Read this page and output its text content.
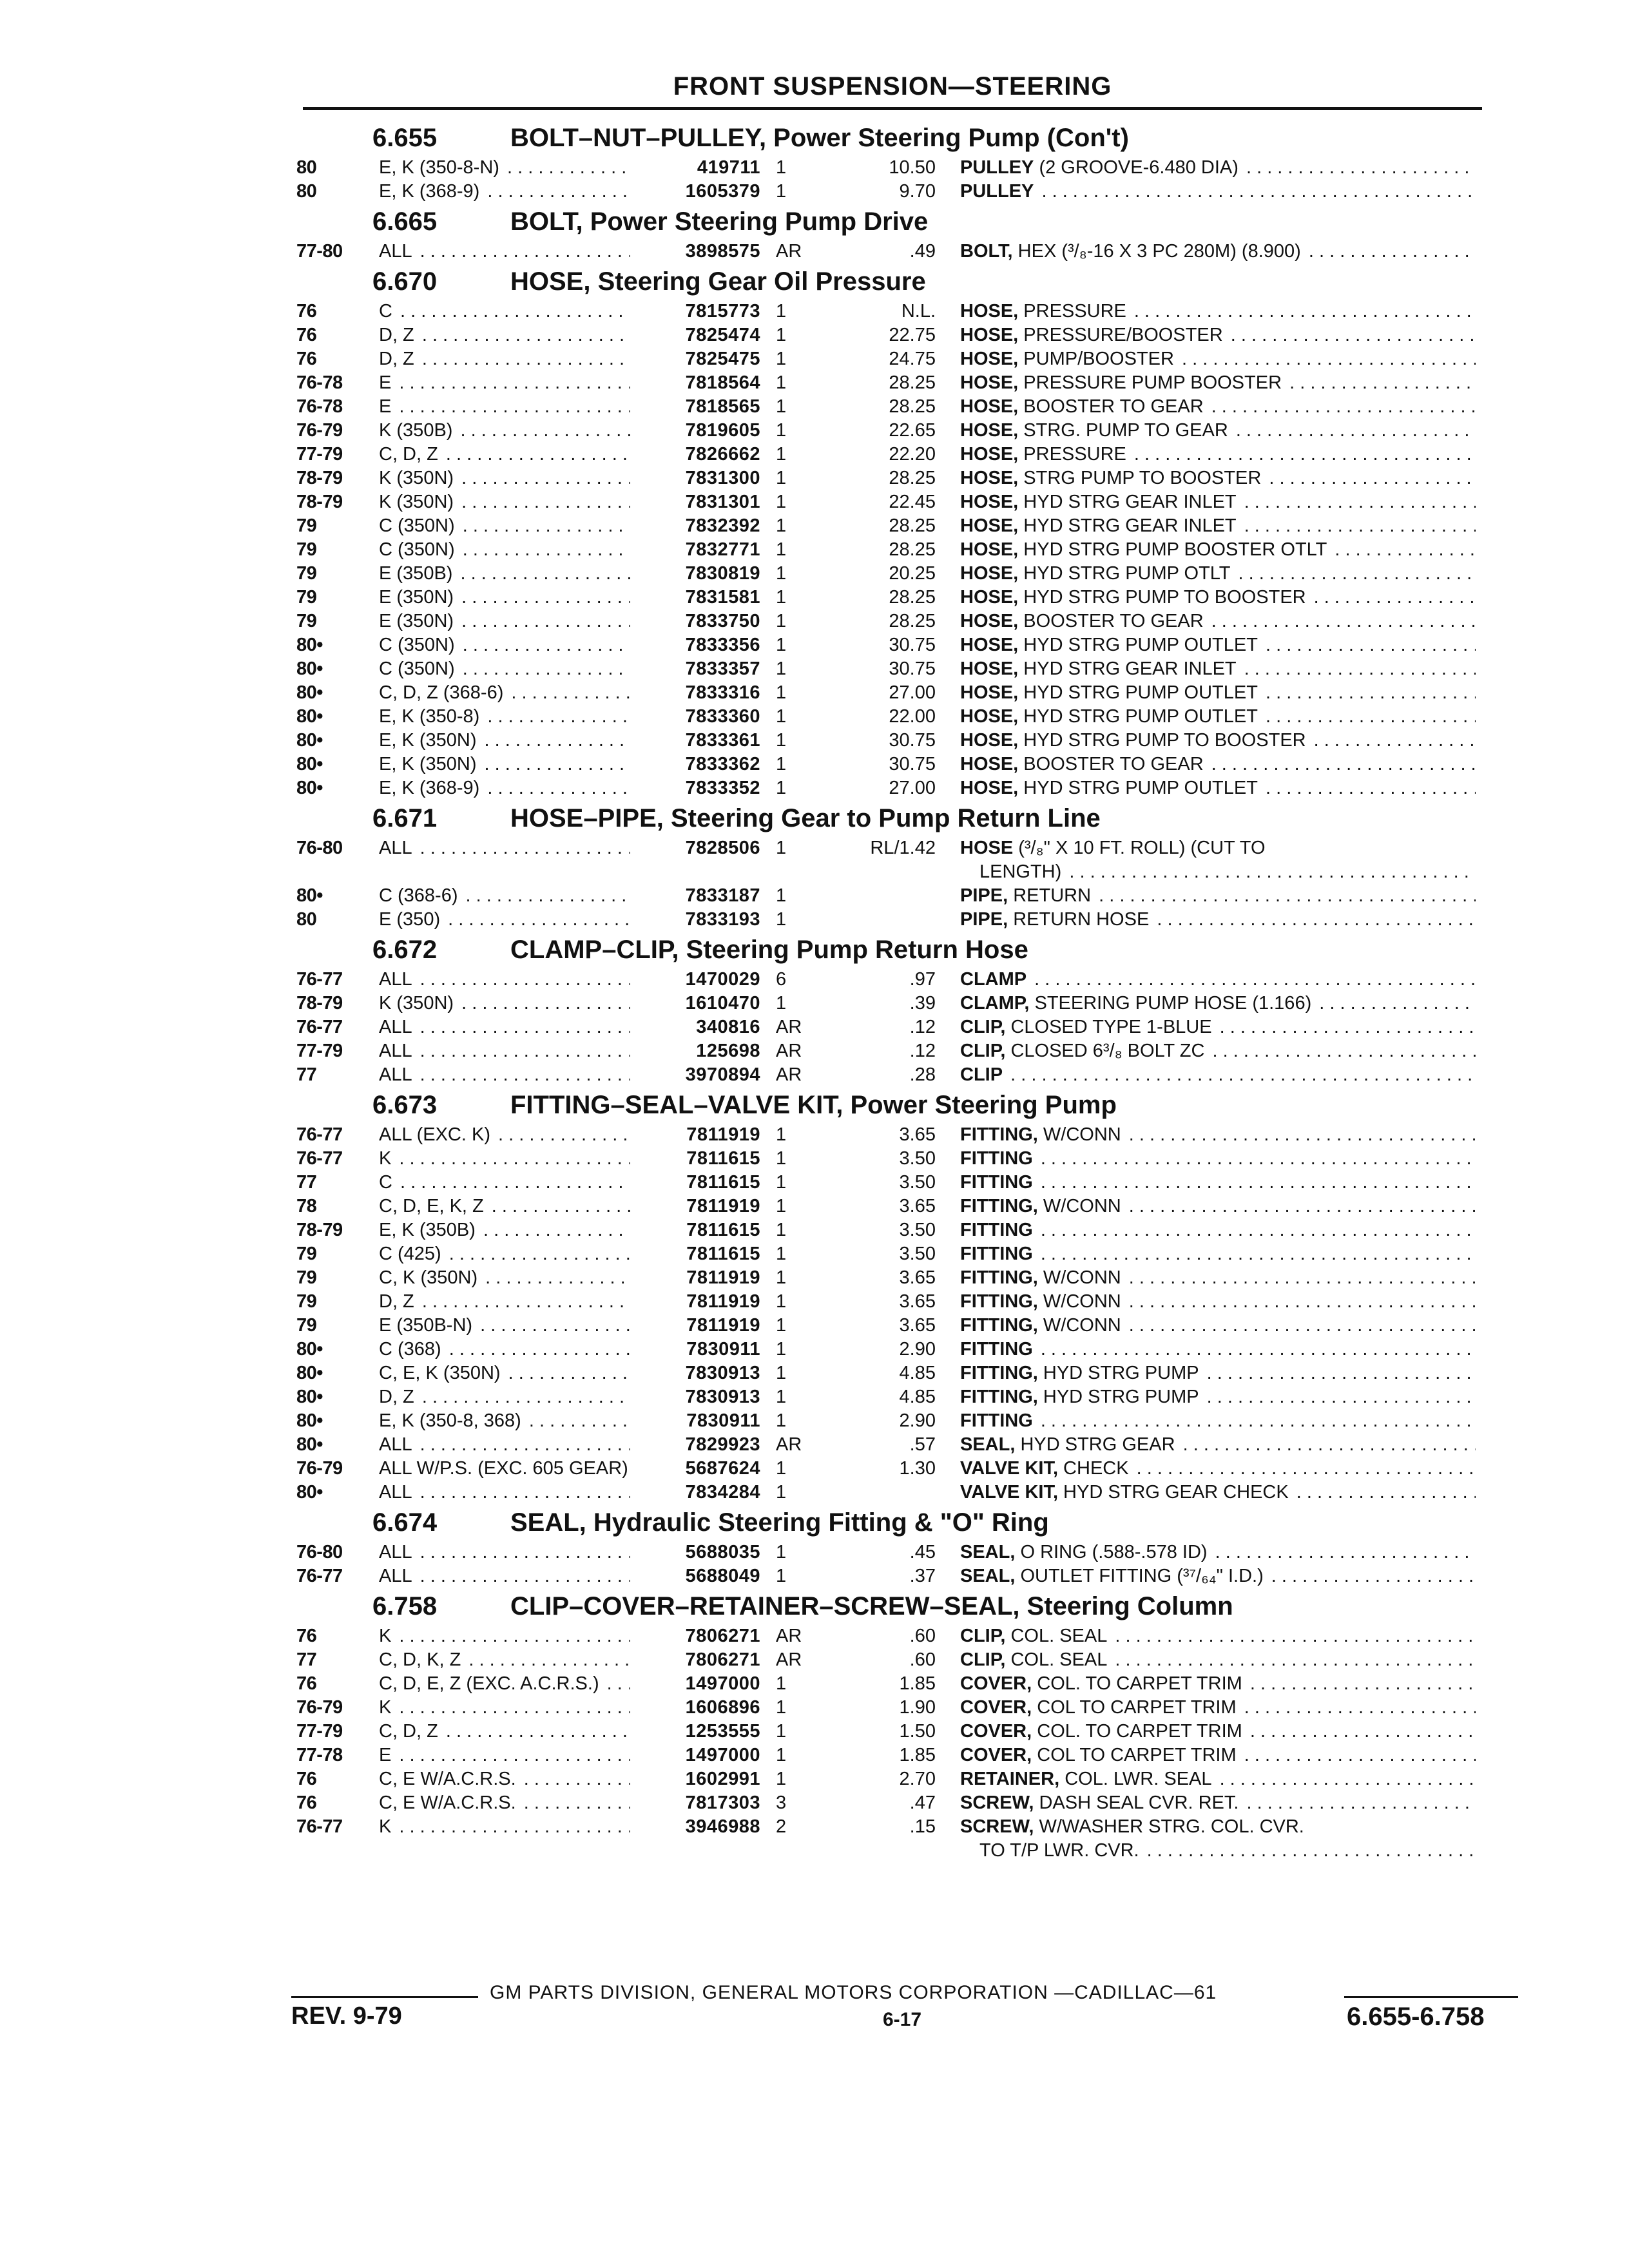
FRONT SUSPENSION—STEERING
6.655	BOLT–NUT–PULLEY, Power Steering Pump (Con't)
80	E, K (350-8-N) . . .	419711 1	10.50 PULLEY (2 GROOVE-6.480 DIA) . . .
80	E, K (368-9) . . .	1605379 1	9.70 PULLEY . . .
6.665	BOLT, Power Steering Pump Drive
77-80	ALL . . .	3898575 AR	.49 BOLT, HEX (³/₈-16 X 3 PC 280M) (8.900) . . .
6.670	HOSE, Steering Gear Oil Pressure
76	C . . .	7815773 1	N.L. HOSE, PRESSURE . . .
76	D, Z . . .	7825474 1	22.75 HOSE, PRESSURE/BOOSTER . . .
76	D, Z . . .	7825475 1	24.75 HOSE, PUMP/BOOSTER . . .
76-78	E . . .	7818564 1	28.25 HOSE, PRESSURE PUMP BOOSTER . . .
76-78	E . . .	7818565 1	28.25 HOSE, BOOSTER TO GEAR . . .
76-79	K (350B) . . .	7819605 1	22.65 HOSE, STRG. PUMP TO GEAR . . .
77-79	C, D, Z . . .	7826662 1	22.20 HOSE, PRESSURE . . .
78-79	K (350N) . . .	7831300 1	28.25 HOSE, STRG PUMP TO BOOSTER . . .
78-79	K (350N) . . .	7831301 1	22.45 HOSE, HYD STRG GEAR INLET . . .
79	C (350N) . . .	7832392 1	28.25 HOSE, HYD STRG GEAR INLET . . .
79	C (350N) . . .	7832771 1	28.25 HOSE, HYD STRG PUMP BOOSTER OTLT . . .
79	E (350B) . . .	7830819 1	20.25 HOSE, HYD STRG PUMP OTLT . . .
79	E (350N) . . .	7831581 1	28.25 HOSE, HYD STRG PUMP TO BOOSTER . . .
79	E (350N) . . .	7833750 1	28.25 HOSE, BOOSTER TO GEAR . . .
80•	C (350N) . . .	7833356 1	30.75 HOSE, HYD STRG PUMP OUTLET . . .
80•	C (350N) . . .	7833357 1	30.75 HOSE, HYD STRG GEAR INLET . . .
80•	C, D, Z (368-6) . . .	7833316 1	27.00 HOSE, HYD STRG PUMP OUTLET . . .
80•	E, K (350-8) . . .	7833360 1	22.00 HOSE, HYD STRG PUMP OUTLET . . .
80•	E, K (350N) . . .	7833361 1	30.75 HOSE, HYD STRG PUMP TO BOOSTER . . .
80•	E, K (350N) . . .	7833362 1	30.75 HOSE, BOOSTER TO GEAR . . .
80•	E, K (368-9) . . .	7833352 1	27.00 HOSE, HYD STRG PUMP OUTLET . . .
6.671	HOSE–PIPE, Steering Gear to Pump Return Line
76-80	ALL . . .	7828506 1	RL/1.42 HOSE (³/₈" X 10 FT. ROLL) (CUT TO
LENGTH) . . .
80•	C (368-6) . . .	7833187 1	PIPE, RETURN . . .
80	E (350) . . .	7833193 1	PIPE, RETURN HOSE . . .
6.672	CLAMP–CLIP, Steering Pump Return Hose
76-77	ALL . . .	1470029 6	.97 CLAMP . . .
78-79	K (350N) . . .	1610470 1	.39 CLAMP, STEERING PUMP HOSE (1.166) . . .
76-77	ALL . . .	340816 AR	.12 CLIP, CLOSED TYPE 1-BLUE . . .
77-79	ALL . . .	125698 AR	.12 CLIP, CLOSED 6³/₈ BOLT ZC . . .
77	ALL . . .	3970894 AR	.28 CLIP . . .
6.673	FITTING–SEAL–VALVE KIT, Power Steering Pump
76-77	ALL (EXC. K) . . .	7811919 1	3.65 FITTING, W/CONN . . .
76-77	K . . .	7811615 1	3.50 FITTING . . .
77	C . . .	7811615 1	3.50 FITTING . . .
78	C, D, E, K, Z . . .	7811919 1	3.65 FITTING, W/CONN . . .
78-79	E, K (350B) . . .	7811615 1	3.50 FITTING . . .
79	C (425) . . .	7811615 1	3.50 FITTING . . .
79	C, K (350N) . . .	7811919 1	3.65 FITTING, W/CONN . . .
79	D, Z . . .	7811919 1	3.65 FITTING, W/CONN . . .
79	E (350B-N) . . .	7811919 1	3.65 FITTING, W/CONN . . .
80•	C (368) . . .	7830911 1	2.90 FITTING . . .
80•	C, E, K (350N) . . .	7830913 1	4.85 FITTING, HYD STRG PUMP . . .
80•	D, Z . . .	7830913 1	4.85 FITTING, HYD STRG PUMP . . .
80•	E, K (350-8, 368) . . .	7830911 1	2.90 FITTING . . .
80•	ALL . . .	7829923 AR	.57 SEAL, HYD STRG GEAR . . .
76-79	ALL W/P.S. (EXC. 605 GEAR) . . .	5687624 1	1.30 VALVE KIT, CHECK . . .
80•	ALL . . .	7834284 1	VALVE KIT, HYD STRG GEAR CHECK . . .
6.674	SEAL, Hydraulic Steering Fitting & "O" Ring
76-80	ALL . . .	5688035 1	.45 SEAL, O RING (.588-.578 ID) . . .
76-77	ALL . . .	5688049 1	.37 SEAL, OUTLET FITTING (³⁷/₆₄" I.D.) . . .
6.758	CLIP–COVER–RETAINER–SCREW–SEAL, Steering Column
76	K . . .	7806271 AR	.60 CLIP, COL. SEAL . . .
77	C, D, K, Z . . .	7806271 AR	.60 CLIP, COL. SEAL . . .
76	C, D, E, Z (EXC. A.C.R.S.) . . .	1497000 1	1.85 COVER, COL. TO CARPET TRIM . . .
76-79	K . . .	1606896 1	1.90 COVER, COL TO CARPET TRIM . . .
77-79	C, D, Z . . .	1253555 1	1.50 COVER, COL. TO CARPET TRIM . . .
77-78	E . . .	1497000 1	1.85 COVER, COL TO CARPET TRIM . . .
76	C, E W/A.C.R.S. . . .	1602991 1	2.70 RETAINER, COL. LWR. SEAL . . .
76	C, E W/A.C.R.S. . . .	7817303 3	.47 SCREW, DASH SEAL CVR. RET. . . .
76-77	K . . .	3946988 2	.15 SCREW, W/WASHER STRG. COL. CVR.
TO T/P LWR. CVR. . . .
GM PARTS DIVISION, GENERAL MOTORS CORPORATION —CADILLAC—61
REV. 9-79	6-17	6.655-6.758
